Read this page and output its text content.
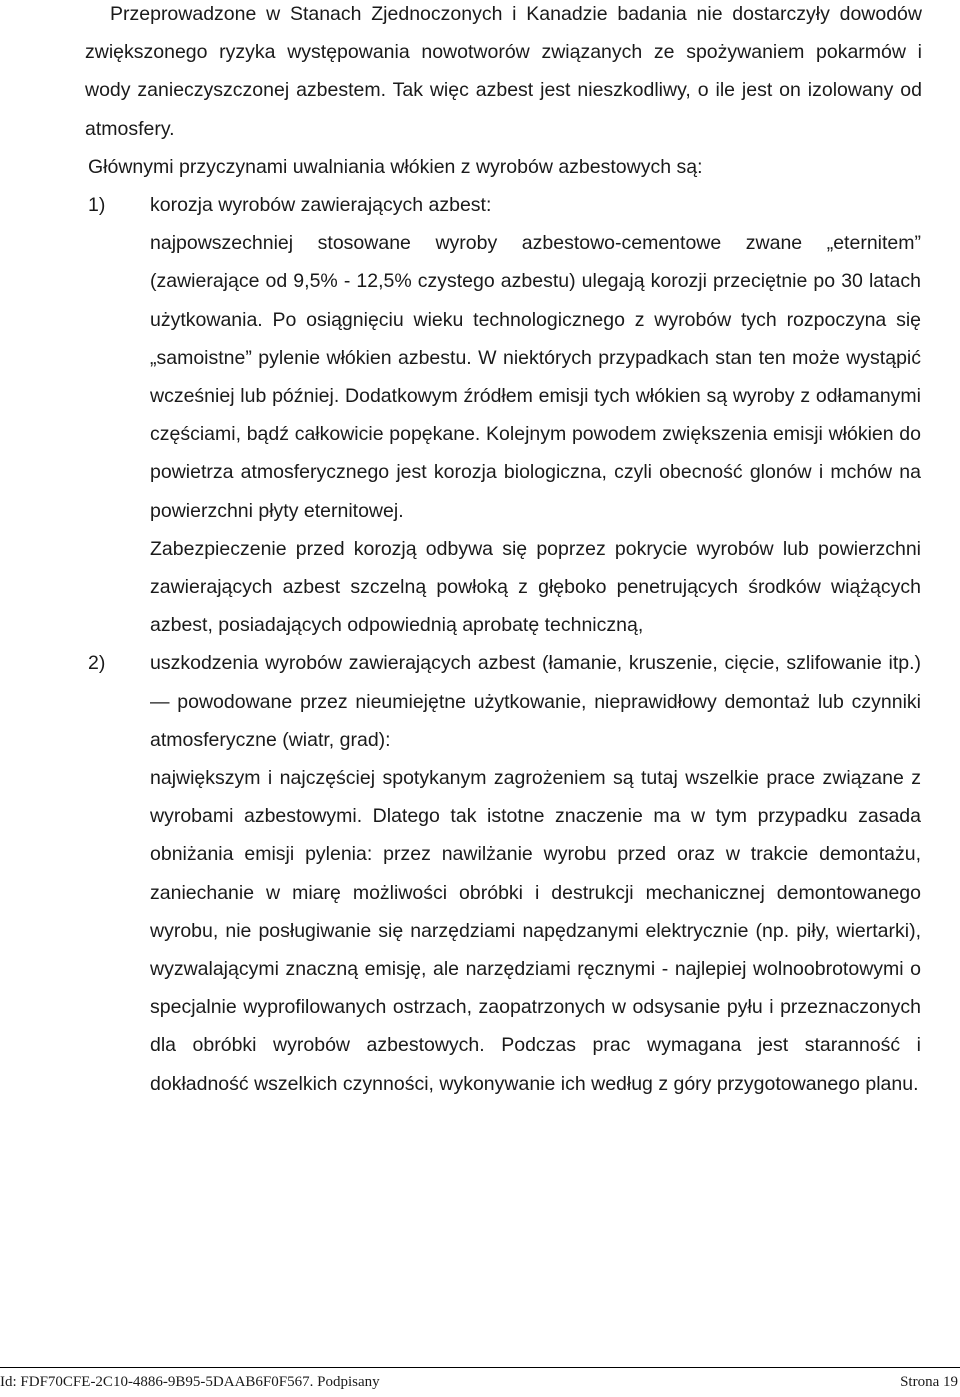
Przeprowadzone w Stanach Zjednoczonych i Kanadzie badania nie dostarczyły dowodów zwiększonego ryzyka występowania nowotworów związanych ze spożywaniem pokarmów i wody zanieczyszczonej azbestem. Tak więc azbest jest nieszkodliwy, o ile jest on izolowany od atmosfery.

Głównymi przyczynami uwalniania włókien z wyrobów azbestowych są:

1) korozja wyrobów zawierających azbest:

najpowszechniej stosowane wyroby azbestowo-cementowe zwane „eternitem” (zawierające od 9,5% - 12,5% czystego azbestu) ulegają korozji przeciętnie po 30 latach użytkowania. Po osiągnięciu wieku technologicznego z wyrobów tych rozpoczyna się „samoistne” pylenie włókien azbestu. W niektórych przypadkach stan ten może wystąpić wcześniej lub później. Dodatkowym źródłem emisji tych włókien są wyroby z odłamanymi częściami, bądź całkowicie popękane. Kolejnym powodem zwiększenia emisji włókien do powietrza atmosferycznego jest korozja biologiczna, czyli obecność glonów i mchów na powierzchni płyty eternitowej.

Zabezpieczenie przed korozją odbywa się poprzez pokrycie wyrobów lub powierzchni zawierających azbest szczelną powłoką z głęboko penetrujących środków wiążących azbest, posiadających odpowiednią aprobatę techniczną,

2) uszkodzenia wyrobów zawierających azbest (łamanie, kruszenie, cięcie, szlifowanie itp.) — powodowane przez nieumiejętne użytkowanie, nieprawidłowy demontaż lub czynniki atmosferyczne (wiatr, grad):

największym i najczęściej spotykanym zagrożeniem są tutaj wszelkie prace związane z wyrobami azbestowymi. Dlatego tak istotne znaczenie ma w tym przypadku zasada obniżania emisji pylenia: przez nawilżanie wyrobu przed oraz w trakcie demontażu, zaniechanie w miarę możliwości obróbki i destrukcji mechanicznej demontowanego wyrobu, nie posługiwanie się narzędziami napędzanymi elektrycznie (np. piły, wiertarki), wyzwalającymi znaczną emisję, ale narzędziami ręcznymi - najlepiej wolnoobrotowymi o specjalnie wyprofilowanych ostrzach, zaopatrzonych w odsysanie pyłu i przeznaczonych dla obróbki wyrobów azbestowych. Podczas prac wymagana jest staranność i dokładność wszelkich czynności, wykonywanie ich według z góry przygotowanego planu.

Id: FDF70CFE-2C10-4886-9B95-5DAAB6F0F567. Podpisany	Strona 19
